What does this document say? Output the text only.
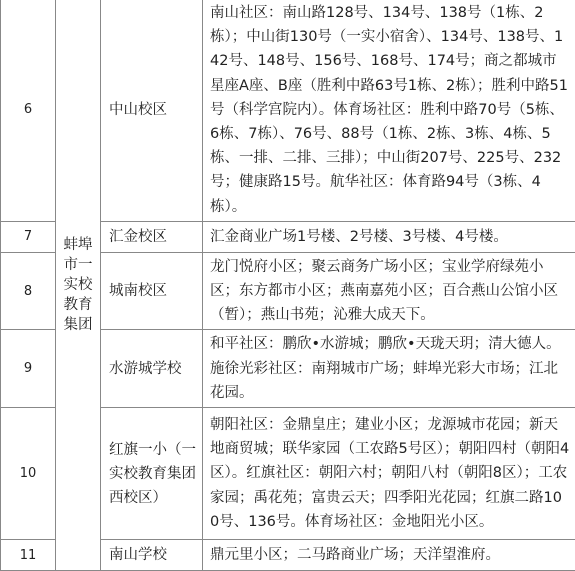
6	蚌埠市一实校教育集团	中山校区	南山社区：南山路128号、134号、138号（1栋、2栋）；中山街130号（一实小宿舍）、134号、138号、142号、148号、156号、168号、174号；商之都城市星座A座、B座（胜利中路63号1栋、2栋）；胜利中路51号（科学宫院内）。体育场社区：胜利中路70号（5栋、6栋、7栋）、76号、88号（1栋、2栋、3栋、4栋、5栋、一排、二排、三排）；中山街207号、225号、232号；健康路15号。航华社区：体育路94号（3栋、4栋）。
7		汇金校区	汇金商业广场1号楼、2号楼、3号楼、4号楼。
8		城南校区	龙门悦府小区；聚云商务广场小区；宝业学府绿苑小区；东方都市小区；燕南嘉苑小区；百合燕山公馆小区（暂）；燕山书苑；沁雅大成天下。
9		水游城学校	和平社区：鹏欣•水游城；鹏欣•天珑天玥；清大德人。施徐光彩社区：南翔城市广场；蚌埠光彩大市场；江北花园。
10		红旗一小（一实校教育集团西校区）	朝阳社区：金鼎皇庄；建业小区；龙源城市花园；新天地商贸城；联华家园（工农路5号区）；朝阳四村（朝阳4区）。红旗社区：朝阳六村；朝阳八村（朝阳8区）；工农家园；禹花苑；富贵云天；四季阳光花园；红旗二路100号、136号。体育场社区：金地阳光小区。
11		南山学校	鼎元里小区；二马路商业广场；天洋望淮府。
